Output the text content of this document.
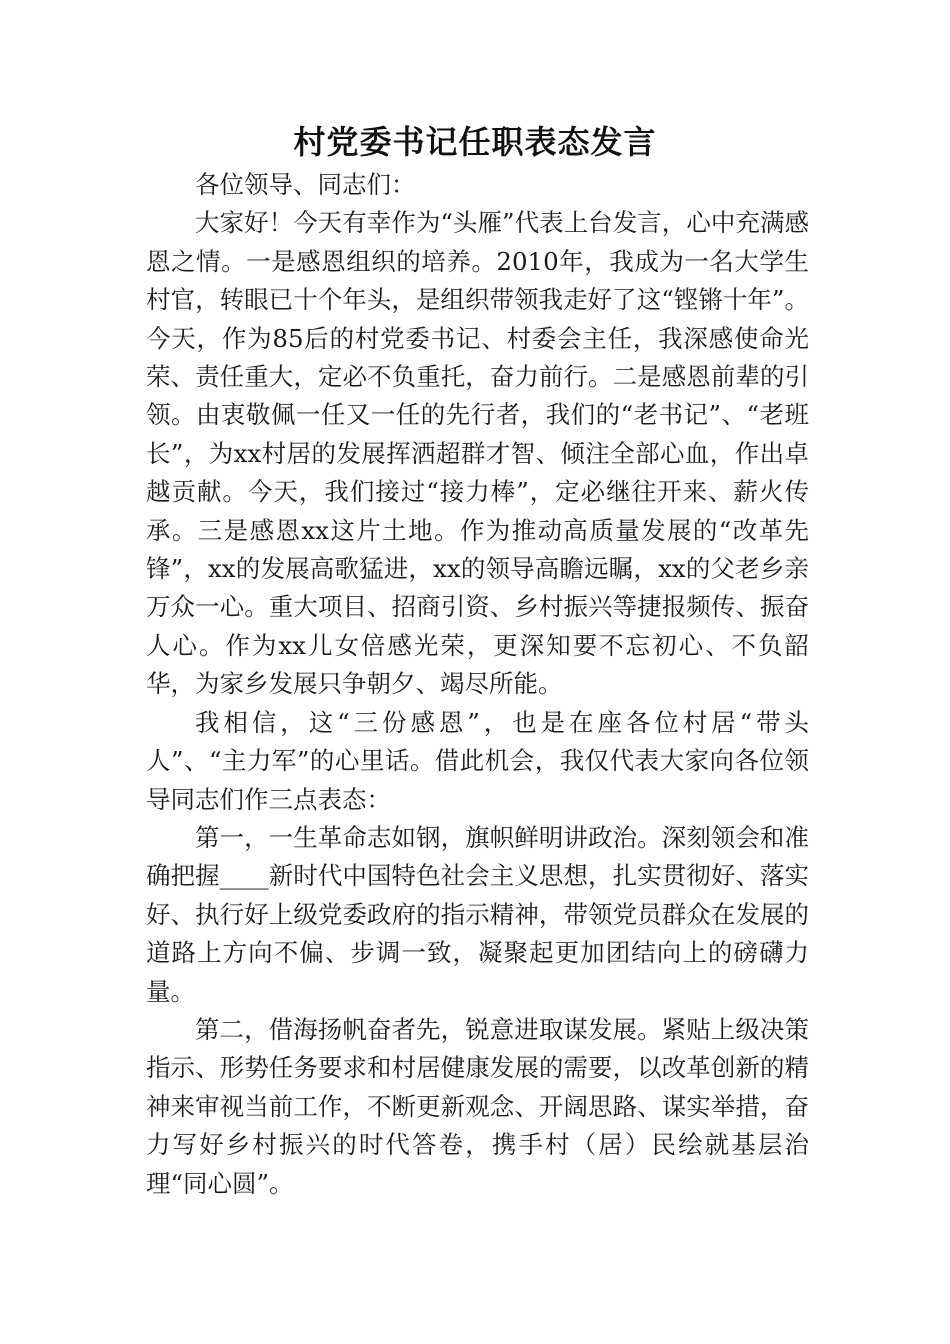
村党委书记任职表态发言

各位领导、同志们：

大家好！今天有幸作为“头雁”代表上台发言，心中充满感恩之情。一是感恩组织的培养。2010年，我成为一名大学生村官，转眼已十个年头，是组织带领我走好了这“铿锵十年”。今天，作为85后的村党委书记、村委会主任，我深感使命光荣、责任重大，定必不负重托，奋力前行。二是感恩前辈的引领。由衷敬佩一任又一任的先行者，我们的“老书记”、“老班长”，为xx村居的发展挥洒超群才智、倾注全部心血，作出卓越贡献。今天，我们接过“接力棒”，定必继往开来、薪火传承。三是感恩xx这片土地。作为推动高质量发展的“改革先锋”，xx的发展高歌猛进，xx的领导高瞻远瞩，xx的父老乡亲万众一心。重大项目、招商引资、乡村振兴等捷报频传、振奋人心。作为xx儿女倍感光荣，更深知要不忘初心、不负韶华，为家乡发展只争朝夕、竭尽所能。

我相信，这“三份感恩”，也是在座各位村居“带头人”、“主力军”的心里话。借此机会，我仅代表大家向各位领导同志们作三点表态：

第一，一生革命志如钢，旗帜鲜明讲政治。深刻领会和准确把握____新时代中国特色社会主义思想，扎实贯彻好、落实好、执行好上级党委政府的指示精神，带领党员群众在发展的道路上方向不偏、步调一致，凝聚起更加团结向上的磅礴力量。

第二，借海扬帆奋者先，锐意进取谋发展。紧贴上级决策指示、形势任务要求和村居健康发展的需要，以改革创新的精神来审视当前工作，不断更新观念、开阔思路、谋实举措，奋力写好乡村振兴的时代答卷，携手村（居）民绘就基层治理“同心圆”。
